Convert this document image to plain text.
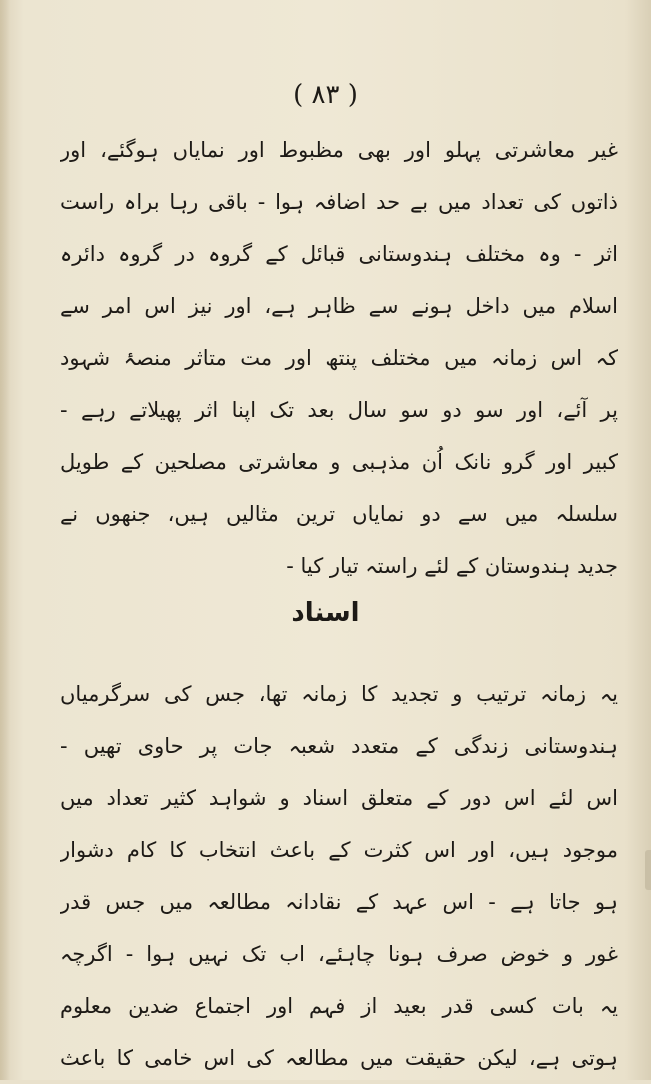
( ٨٣ )
غیر معاشرتی پہلو اور بھی مظبوط اور نمایاں ہوگئے، اور
ذاتوں کی تعداد میں بے حد اضافہ ہوا - باقی رہا براہ راست
اثر - وہ مختلف ہندوستانی قبائل کے گروہ در گروہ دائرہ
اسلام میں داخل ہونے سے ظاہر ہے، اور نیز اس امر سے
کہ اس زمانہ میں مختلف پنتھ اور مت متاثر منصۂ شہود
پر آئے، اور سو دو سو سال بعد تک اپنا اثر پھیلاتے رہے -
کبیر اور گرو نانک اُن مذہبی و معاشرتی مصلحین کے طویل
سلسلہ میں سے دو نمایاں ترین مثالیں ہیں، جنھوں نے
جدید ہندوستان کے لئے راستہ تیار کیا -
اسناد
یہ زمانہ ترتیب و تجدید کا زمانہ تھا، جس کی سرگرمیاں
ہندوستانی زندگی کے متعدد شعبہ جات پر حاوی تھیں -
اس لئے اس دور کے متعلق اسناد و شواہد کثیر تعداد میں
موجود ہیں، اور اس کثرت کے باعث انتخاب کا کام دشوار
ہو جاتا ہے - اس عہد کے نقادانہ مطالعہ میں جس قدر
غور و خوض صرف ہونا چاہئے، اب تک نہیں ہوا - اگرچہ
یہ بات کسی قدر بعید از فہم اور اجتماع ضدین معلوم
ہوتی ہے، لیکن حقیقت میں مطالعہ کی اس خامی کا باعث
